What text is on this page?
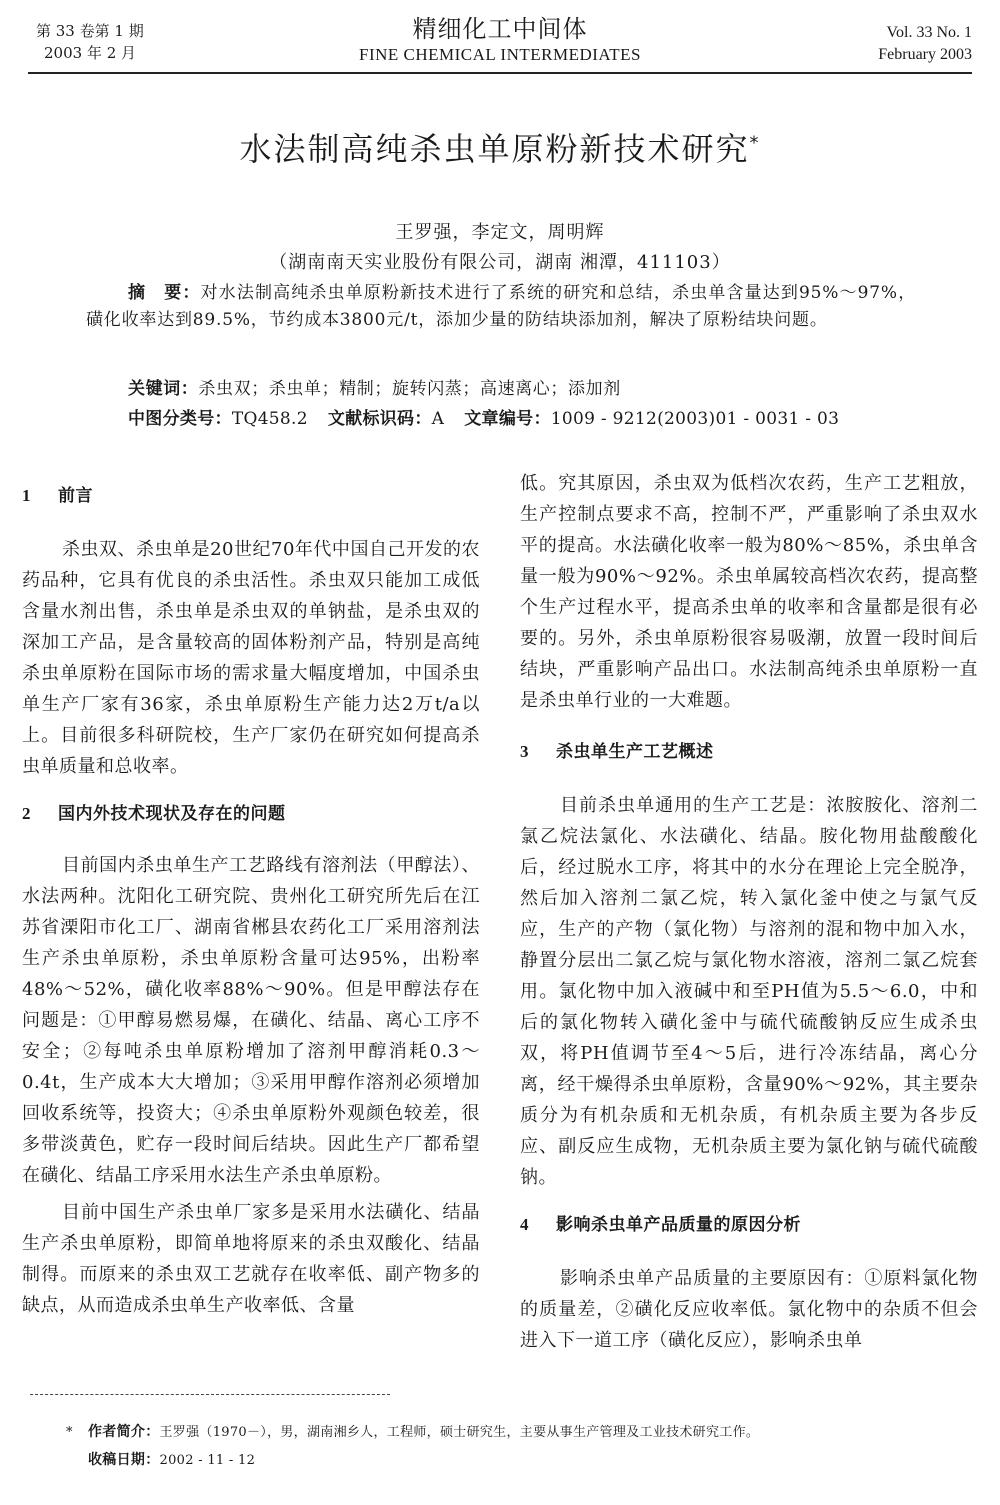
第 33 卷第 1 期
2003 年 2 月
精细化工中间体
FINE CHEMICAL INTERMEDIATES
Vol. 33 No. 1
February 2003
水法制高纯杀虫单原粉新技术研究*
王罗强，李定文，周明辉
（湖南南天实业股份有限公司，湖南 湘潭，411103）
摘　要：对水法制高纯杀虫单原粉新技术进行了系统的研究和总结，杀虫单含量达到95%～97%，磺化收率达到89.5%，节约成本3800元/t，添加少量的防结块添加剂，解决了原粉结块问题。
关键词：杀虫双；杀虫单；精制；旋转闪蒸；高速离心；添加剂
中图分类号：TQ458.2 文献标识码：A 文章编号：1009 - 9212(2003)01 - 0031 - 03
1 前言

杀虫双、杀虫单是20世纪70年代中国自己开发的农药品种，它具有优良的杀虫活性。杀虫双只能加工成低含量水剂出售，杀虫单是杀虫双的单钠盐，是杀虫双的深加工产品，是含量较高的固体粉剂产品，特别是高纯杀虫单原粉在国际市场的需求量大幅度增加，中国杀虫单生产厂家有36家，杀虫单原粉生产能力达2万t/a以上。目前很多科研院校，生产厂家仍在研究如何提高杀虫单质量和总收率。

2 国内外技术现状及存在的问题

目前国内杀虫单生产工艺路线有溶剂法（甲醇法）、水法两种。沈阳化工研究院、贵州化工研究所先后在江苏省溧阳市化工厂、湖南省郴县农药化工厂采用溶剂法生产杀虫单原粉，杀虫单原粉含量可达95%，出粉率48%～52%，磺化收率88%～90%。但是甲醇法存在问题是：①甲醇易燃易爆，在磺化、结晶、离心工序不安全；②每吨杀虫单原粉增加了溶剂甲醇消耗0.3～0.4t，生产成本大大增加；③采用甲醇作溶剂必须增加回收系统等，投资大；④杀虫单原粉外观颜色较差，很多带淡黄色，贮存一段时间后结块。因此生产厂都希望在磺化、结晶工序采用水法生产杀虫单原粉。

目前中国生产杀虫单厂家多是采用水法磺化、结晶生产杀虫单原粉，即简单地将原来的杀虫双酸化、结晶制得。而原来的杀虫双工艺就存在收率低、副产物多的缺点，从而造成杀虫单生产收率低、含量

低。究其原因，杀虫双为低档次农药，生产工艺粗放，生产控制点要求不高，控制不严，严重影响了杀虫双水平的提高。水法磺化收率一般为80%～85%，杀虫单含量一般为90%～92%。杀虫单属较高档次农药，提高整个生产过程水平，提高杀虫单的收率和含量都是很有必要的。另外，杀虫单原粉很容易吸潮，放置一段时间后结块，严重影响产品出口。水法制高纯杀虫单原粉一直是杀虫单行业的一大难题。

3 杀虫单生产工艺概述

目前杀虫单通用的生产工艺是：浓胺胺化、溶剂二氯乙烷法氯化、水法磺化、结晶。胺化物用盐酸酸化后，经过脱水工序，将其中的水分在理论上完全脱净，然后加入溶剂二氯乙烷，转入氯化釜中使之与氯气反应，生产的产物（氯化物）与溶剂的混和物中加入水，静置分层出二氯乙烷与氯化物水溶液，溶剂二氯乙烷套用。氯化物中加入液碱中和至PH值为5.5～6.0，中和后的氯化物转入磺化釜中与硫代硫酸钠反应生成杀虫双，将PH值调节至4～5后，进行冷冻结晶，离心分离，经干燥得杀虫单原粉，含量90%～92%，其主要杂质分为有机杂质和无机杂质，有机杂质主要为各步反应、副反应生成物，无机杂质主要为氯化钠与硫代硫酸钠。

4 影响杀虫单产品质量的原因分析

影响杀虫单产品质量的主要原因有：①原料氯化物的质量差，②磺化反应收率低。氯化物中的杂质不但会进入下一道工序（磺化反应），影响杀虫单

* 作者简介：王罗强（1970－），男，湖南湘乡人，工程师，硕士研究生，主要从事生产管理及工业技术研究工作。
收稿日期：2002 - 11 - 12
